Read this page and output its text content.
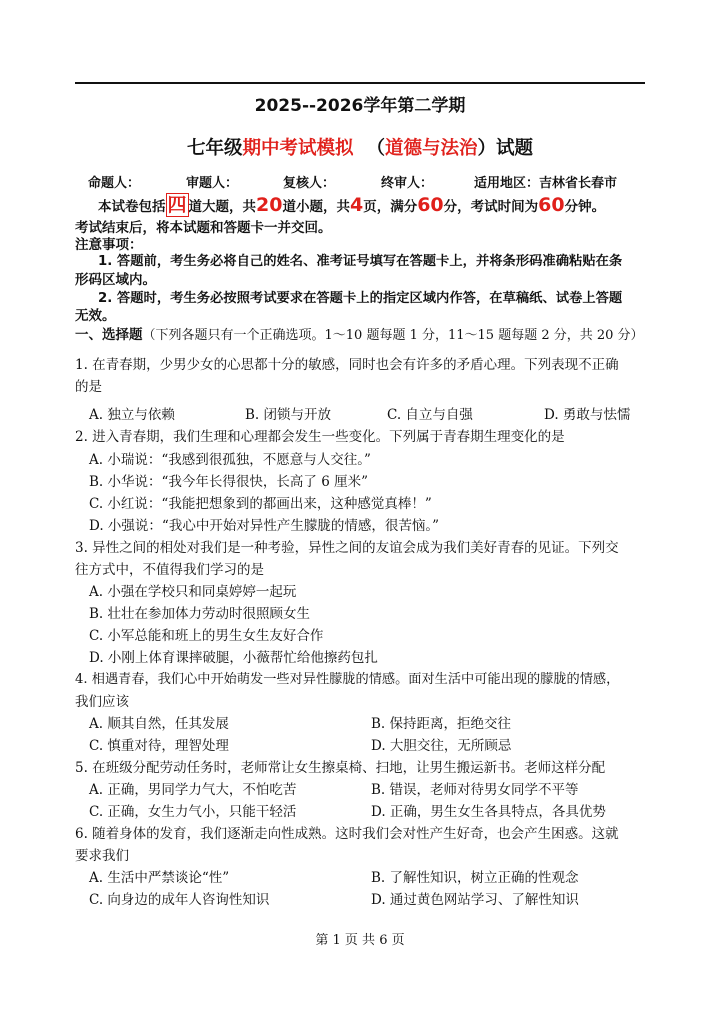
2025--2026学年第二学期
七年级期中考试模拟 （道德与法治）试题
命题人：	审题人：	复核人：	终审人：	适用地区：吉林省长春市
本试卷包括 四 道大题，共20道小题，共4页，满分60分，考试时间为60分钟。
考试结束后，将本试题和答题卡一并交回。
注意事项：
1. 答题前，考生务必将自己的姓名、准考证号填写在答题卡上，并将条形码准确粘贴在条
形码区域内。
2. 答题时，考生务必按照考试要求在答题卡上的指定区域内作答，在草稿纸、试卷上答题
无效。
一、选择题（下列各题只有一个正确选项。1～10 题每题 1 分，11～15 题每题 2 分，共 20 分）
1. 在青春期，少男少女的心思都十分的敏感，同时也会有许多的矛盾心理。下列表现不正确
的是
A. 独立与依赖	B. 闭锁与开放	C. 自立与自强	D. 勇敢与怯懦
2. 进入青春期，我们生理和心理都会发生一些变化。下列属于青春期生理变化的是
A. 小瑞说：“我感到很孤独，不愿意与人交往。”
B. 小华说：“我今年长得很快，长高了 6 厘米”
C. 小红说：“我能把想象到的都画出来，这种感觉真棒！”
D. 小强说：“我心中开始对异性产生朦胧的情感，很苦恼。”
3. 异性之间的相处对我们是一种考验，异性之间的友谊会成为我们美好青春的见证。下列交
往方式中，不值得我们学习的是
A. 小强在学校只和同桌婷婷一起玩
B. 壮壮在参加体力劳动时很照顾女生
C. 小军总能和班上的男生女生友好合作
D. 小刚上体育课摔破腿，小薇帮忙给他擦药包扎
4. 相遇青春，我们心中开始萌发一些对异性朦胧的情感。面对生活中可能出现的朦胧的情感，
我们应该
A. 顺其自然，任其发展	B. 保持距离，拒绝交往
C. 慎重对待，理智处理	D. 大胆交往，无所顾忌
5. 在班级分配劳动任务时，老师常让女生擦桌椅、扫地，让男生搬运新书。老师这样分配
A. 正确，男同学力气大，不怕吃苦	B. 错误，老师对待男女同学不平等
C. 正确，女生力气小，只能干轻活	D. 正确，男生女生各具特点，各具优势
6. 随着身体的发育，我们逐渐走向性成熟。这时我们会对性产生好奇，也会产生困惑。这就
要求我们
A. 生活中严禁谈论“性”	B. 了解性知识，树立正确的性观念
C. 向身边的成年人咨询性知识	D. 通过黄色网站学习、了解性知识
第 1 页 共 6 页
